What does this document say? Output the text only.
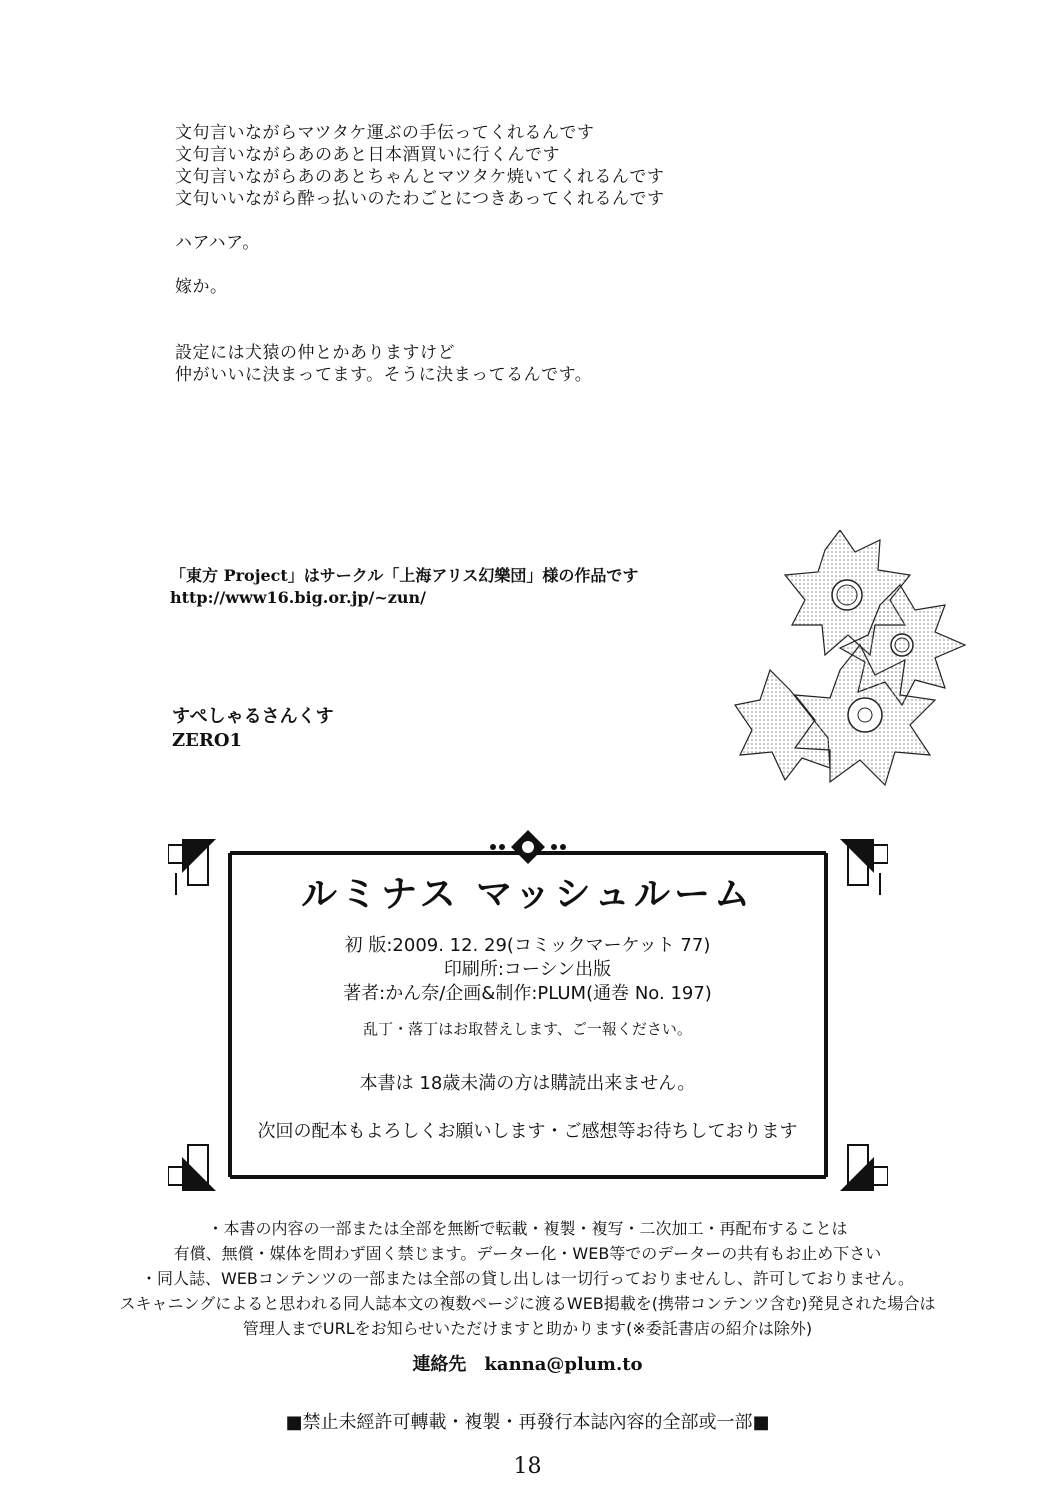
文句言いながらマツタケ運ぶの手伝ってくれるんです
文句言いながらあのあと日本酒買いに行くんです
文句言いながらあのあとちゃんとマツタケ焼いてくれるんです
文句いいながら酔っ払いのたわごとにつきあってくれるんです
ハアハア。
嫁か。
設定には犬猿の仲とかありますけど
仲がいいに決まってます。そうに決まってるんです。
「東方 Project」はサークル「上海アリス幻樂団」様の作品です
http://www16.big.or.jp/~zun/
すぺしゃるさんくす
ZERO1
ルミナス マッシュルーム
初 版:2009. 12. 29(コミックマーケット 77)
印刷所:コーシン出版
著者:かん奈/企画&制作:PLUM(通巻 No. 197)
乱丁・落丁はお取替えします、ご一報ください。
本書は 18歳未満の方は購読出来ません。
次回の配本もよろしくお願いします・ご感想等お待ちしております
・本書の内容の一部または全部を無断で転載・複製・複写・二次加工・再配布することは
有償、無償・媒体を問わず固く禁じます。データー化・WEB等でのデーターの共有もお止め下さい
・同人誌、WEBコンテンツの一部または全部の貸し出しは一切行っておりませんし、許可しておりません。
スキャニングによると思われる同人誌本文の複数ページに渡るWEB掲載を(携帯コンテンツ含む)発見された場合は
管理人までURLをお知らせいただけますと助かります(※委託書店の紹介は除外)
連絡先　kanna@plum.to
■禁止未經許可轉載・複製・再發行本誌內容的全部或一部■
18
